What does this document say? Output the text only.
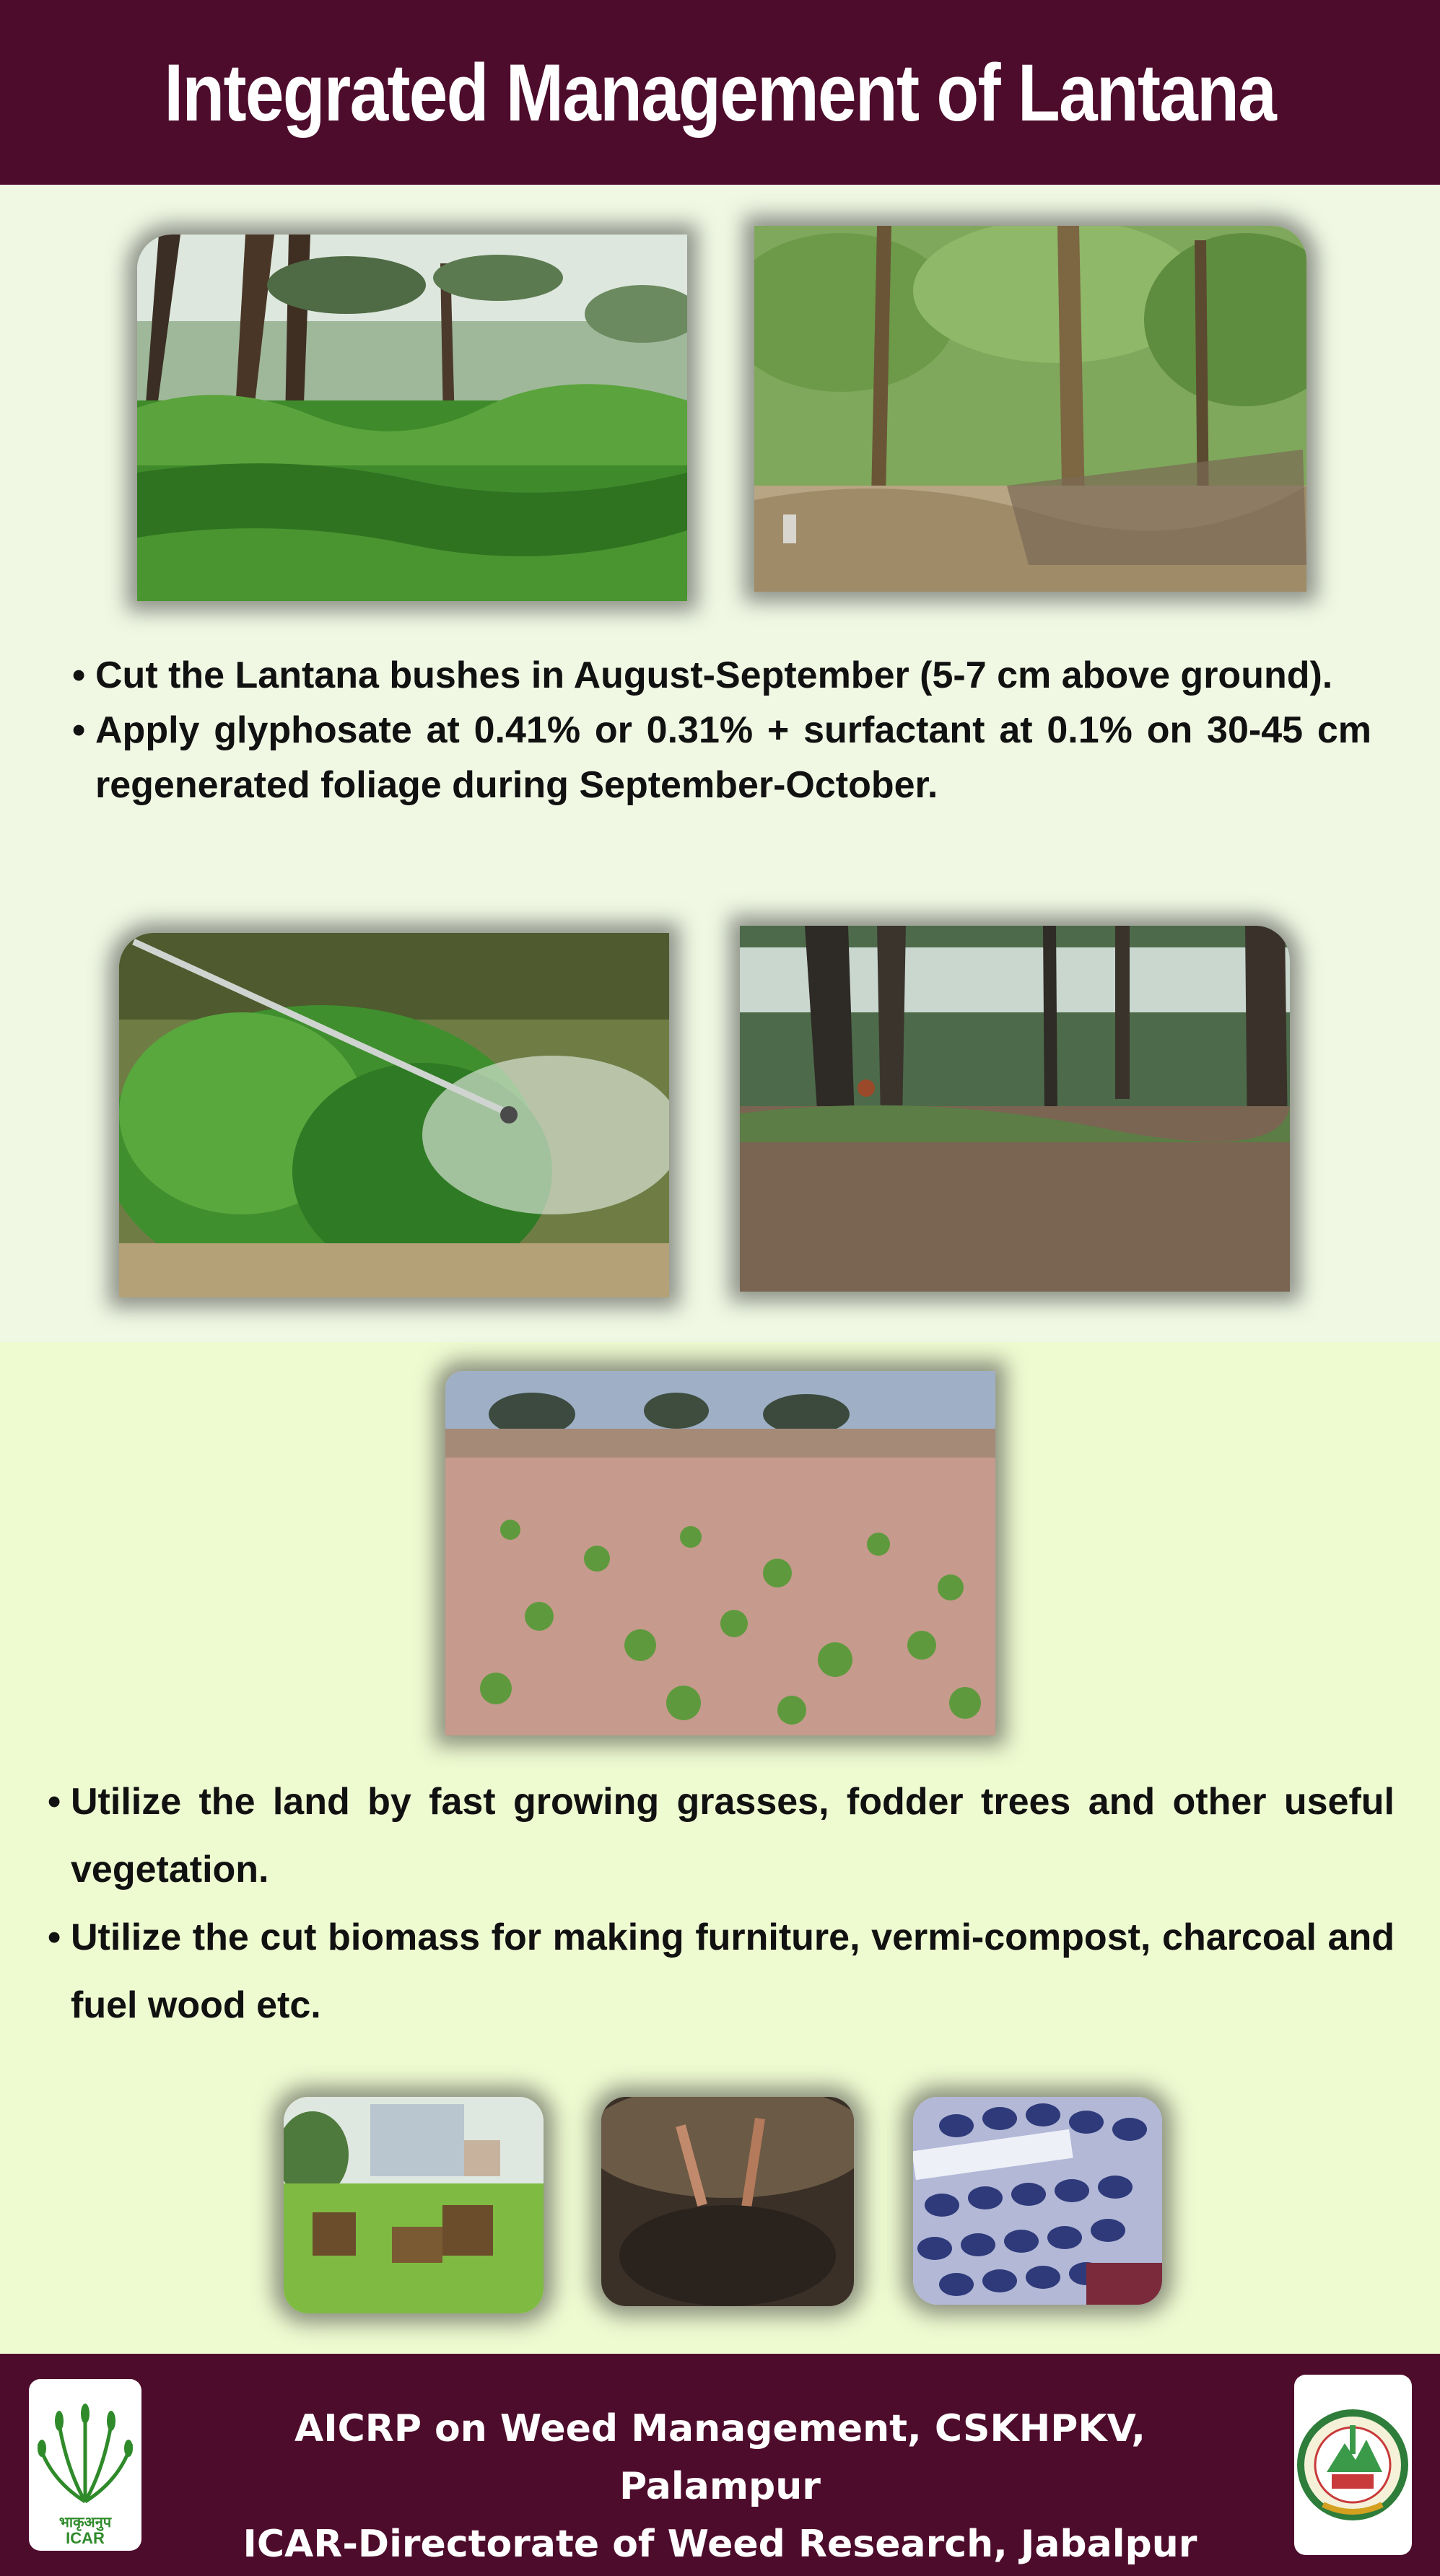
Integrated Management of Lantana
• Cut the Lantana bushes in August-September (5-7 cm above ground).
• Apply glyphosate at 0.41% or 0.31% + surfactant at 0.1% on 30-45 cm regenerated foliage during September-October.
• Utilize the land by fast growing grasses, fodder trees and other useful vegetation.
• Utilize the cut biomass for making furniture, vermi-compost, charcoal and fuel wood etc.
भाकृअनुप
ICAR
AICRP on Weed Management, CSKHPKV, Palampur
ICAR-Directorate of Weed Research, Jabalpur
